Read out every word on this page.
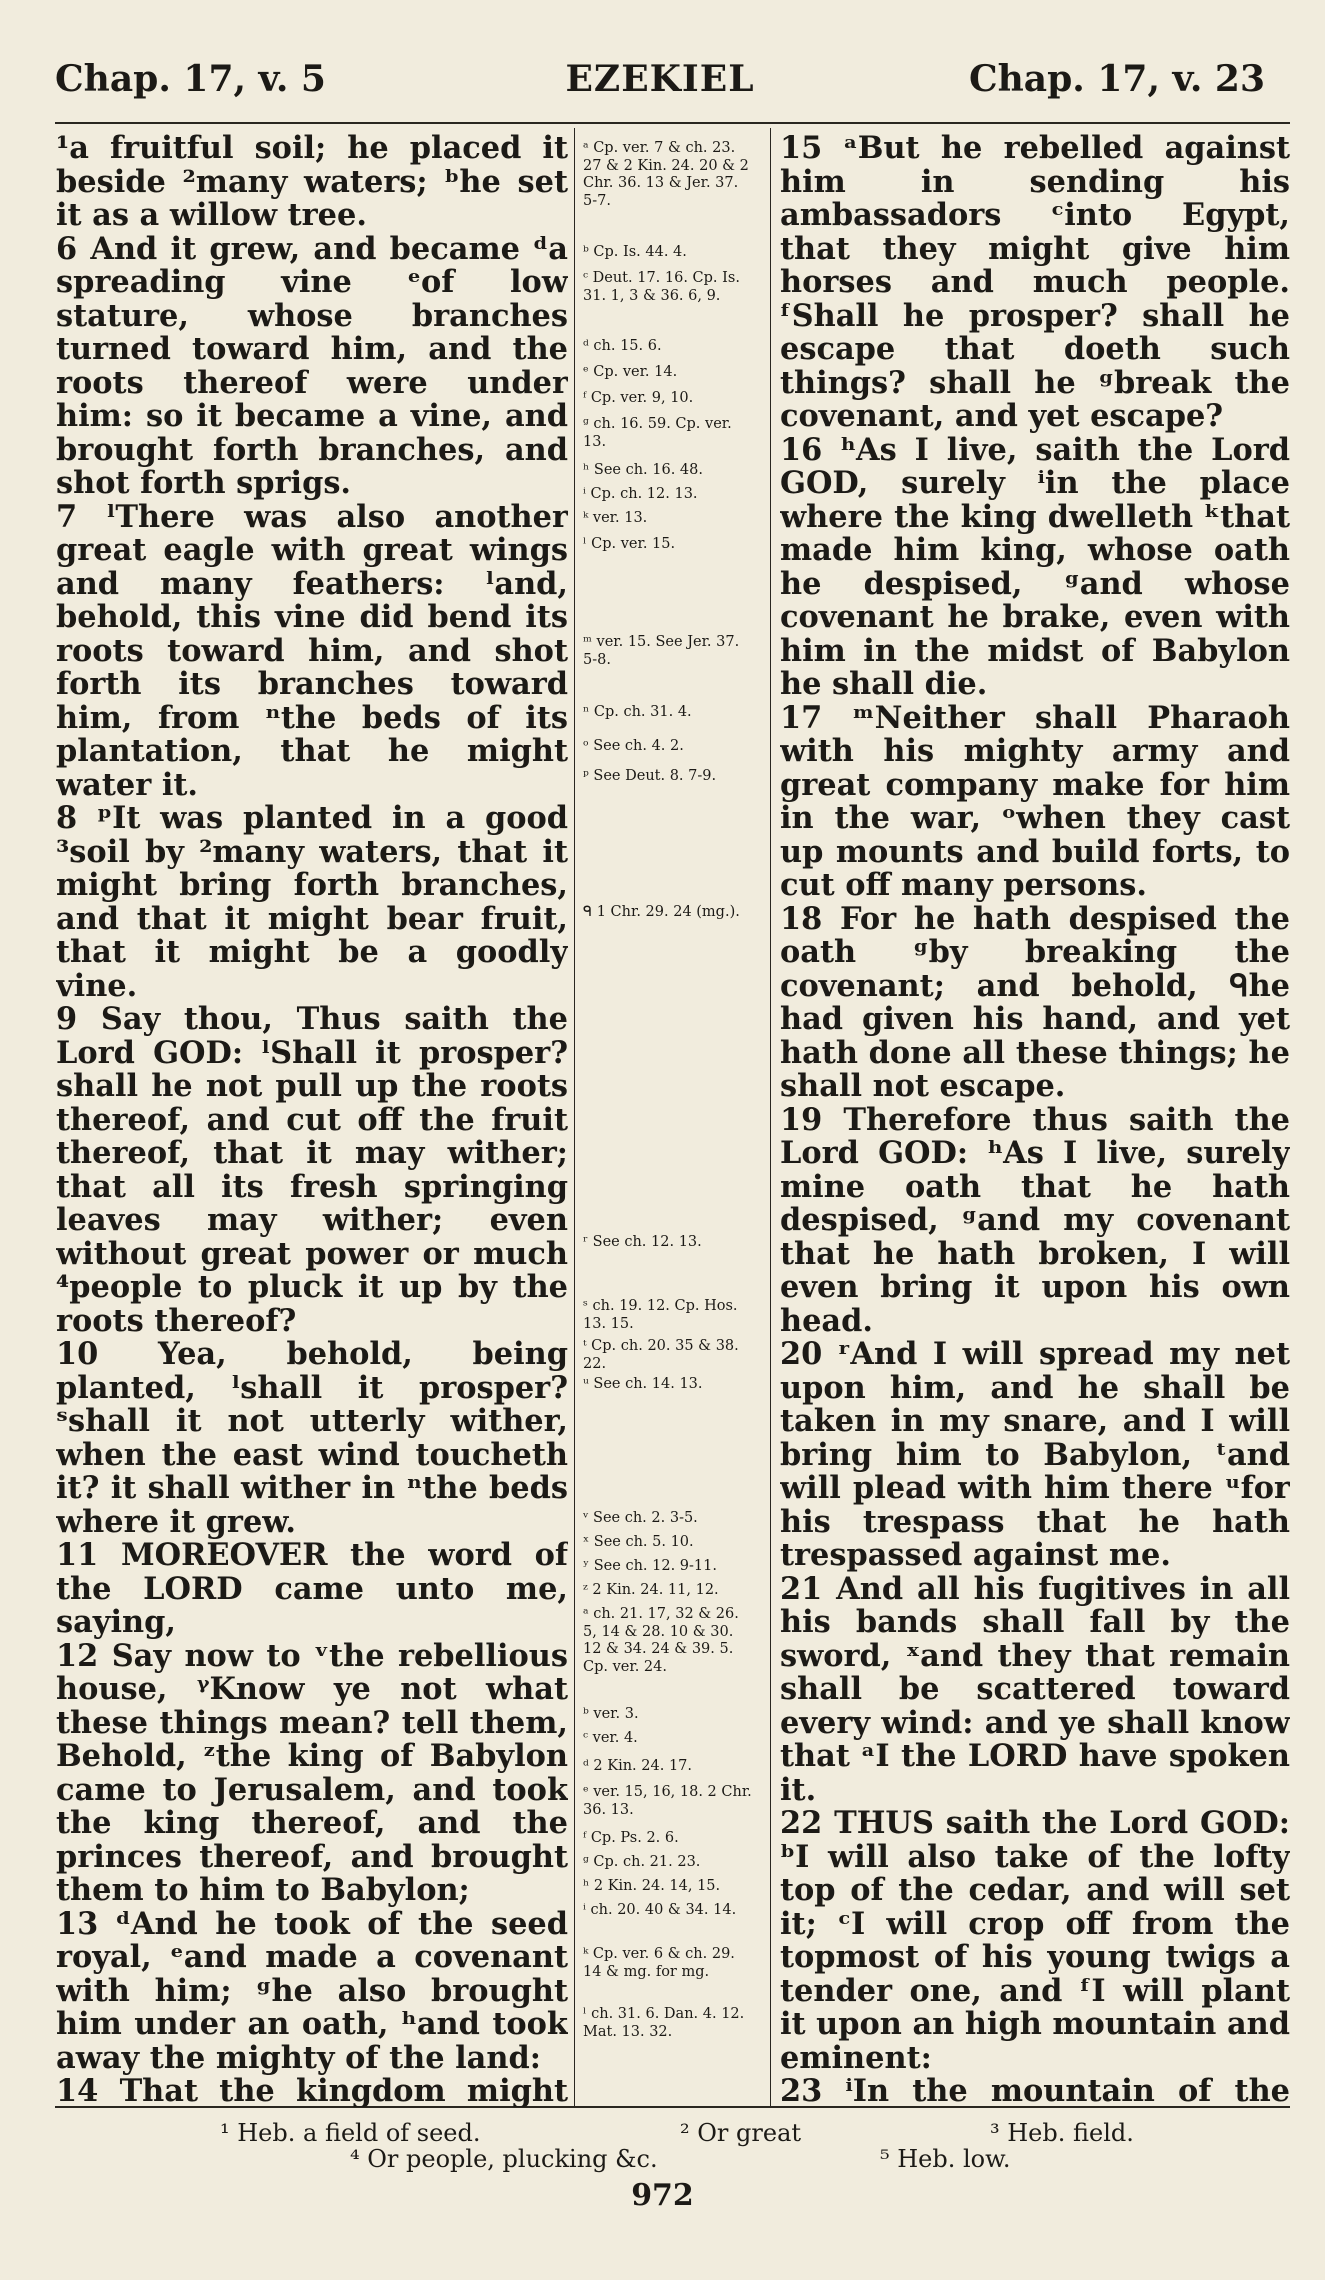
Chap. 17, v. 5	EZEKIEL	Chap. 17, v. 23

¹a fruitful soil; he placed it beside ²many waters; ᵇhe set it as a willow tree.

6 And it grew, and became ᵈa spreading vine ᵉof low stature, whose branches turned toward him, and the roots thereof were under him: so it became a vine, and brought forth branches, and shot forth sprigs.

7 ˡThere was also another great eagle with great wings and many feathers: ˡand, behold, this vine did bend its roots toward him, and shot forth its branches toward him, from ⁿthe beds of its plantation, that he might water it.

8 ᵖIt was planted in a good ³soil by ²many waters, that it might bring forth branches, and that it might bear fruit, that it might be a goodly vine.

9 Say thou, Thus saith the Lord GOD: ˡShall it prosper? shall he not pull up the roots thereof, and cut off the fruit thereof, that it may wither; that all its fresh springing leaves may wither; even without great power or much ⁴people to pluck it up by the roots thereof?

10 Yea, behold, being planted, ˡshall it prosper? ˢshall it not utterly wither, when the east wind toucheth it? it shall wither in ⁿthe beds where it grew.

11 MOREOVER the word of the LORD came unto me, saying,

12 Say now to ᵛthe rebellious house, ᵞKnow ye not what these things mean? tell them, Behold, ᶻthe king of Babylon came to Jerusalem, and took the king thereof, and the princes thereof, and brought them to him to Babylon;

13 ᵈAnd he took of the seed royal, ᵉand made a covenant with him; ᵍhe also brought him under an oath, ʰand took away the mighty of the land:

14 That the kingdom might

ᵃ Cp. ver. 7 & ch. 23. 27 & 2 Kin. 24. 20 & 2 Chr. 36. 13 & Jer. 37. 5-7.
ᵇ Cp. Is. 44. 4.
ᶜ Deut. 17. 16. Cp. Is. 31. 1, 3 & 36. 6, 9.
ᵈ ch. 15. 6.
ᵉ Cp. ver. 14.
ᶠ Cp. ver. 9, 10.
ᵍ ch. 16. 59. Cp. ver. 13.
ʰ See ch. 16. 48.
ⁱ Cp. ch. 12. 13.
ᵏ ver. 13.
ˡ Cp. ver. 15.
ᵐ ver. 15. See Jer. 37. 5-8.
ⁿ Cp. ch. 31. 4.
ᵒ See ch. 4. 2.
ᵖ See Deut. 8. 7-9.
ᑫ 1 Chr. 29. 24 (mg.).
ʳ See ch. 12. 13.
ˢ ch. 19. 12. Cp. Hos. 13. 15.
ᵗ Cp. ch. 20. 35 & 38. 22.
ᵘ See ch. 14. 13.
ᵛ See ch. 2. 3-5.
ˣ See ch. 5. 10.
ʸ See ch. 12. 9-11.
ᶻ 2 Kin. 24. 11, 12.
ᵃ ch. 21. 17, 32 & 26. 5, 14 & 28. 10 & 30. 12 & 34. 24 & 39. 5. Cp. ver. 24.
ᵇ ver. 3.
ᶜ ver. 4.
ᵈ 2 Kin. 24. 17.
ᵉ ver. 15, 16, 18. 2 Chr. 36. 13.
ᶠ Cp. Ps. 2. 6.
ᵍ Cp. ch. 21. 23.
ʰ 2 Kin. 24. 14, 15.
ⁱ ch. 20. 40 & 34. 14.
ᵏ Cp. ver. 6 & ch. 29. 14 & mg. for mg.
ˡ ch. 31. 6. Dan. 4. 12. Mat. 13. 32.

15 ᵃBut he rebelled against him in sending his ambassadors ᶜinto Egypt, that they might give him horses and much people. ᶠShall he prosper? shall he escape that doeth such things? shall he ᵍbreak the covenant, and yet escape?

16 ʰAs I live, saith the Lord GOD, surely ⁱin the place where the king dwelleth ᵏthat made him king, whose oath he despised, ᵍand whose covenant he brake, even with him in the midst of Babylon he shall die.

17 ᵐNeither shall Pharaoh with his mighty army and great company make for him in the war, ᵒwhen they cast up mounts and build forts, to cut off many persons.

18 For he hath despised the oath ᵍby breaking the covenant; and behold, ᑫhe had given his hand, and yet hath done all these things; he shall not escape.

19 Therefore thus saith the Lord GOD: ʰAs I live, surely mine oath that he hath despised, ᵍand my covenant that he hath broken, I will even bring it upon his own head.

20 ʳAnd I will spread my net upon him, and he shall be taken in my snare, and I will bring him to Babylon, ᵗand will plead with him there ᵘfor his trespass that he hath trespassed against me.

21 And all his fugitives in all his bands shall fall by the sword, ˣand they that remain shall be scattered toward every wind: and ye shall know that ᵃI the LORD have spoken it.

22 THUS saith the Lord GOD: ᵇI will also take of the lofty top of the cedar, and will set it; ᶜI will crop off from the topmost of his young twigs a tender one, and ᶠI will plant it upon an high mountain and eminent:

23 ⁱIn the mountain of the

¹ Heb. a field of seed.	² Or great	³ Heb. field.
⁴ Or people, plucking &c.	⁵ Heb. low.
972
